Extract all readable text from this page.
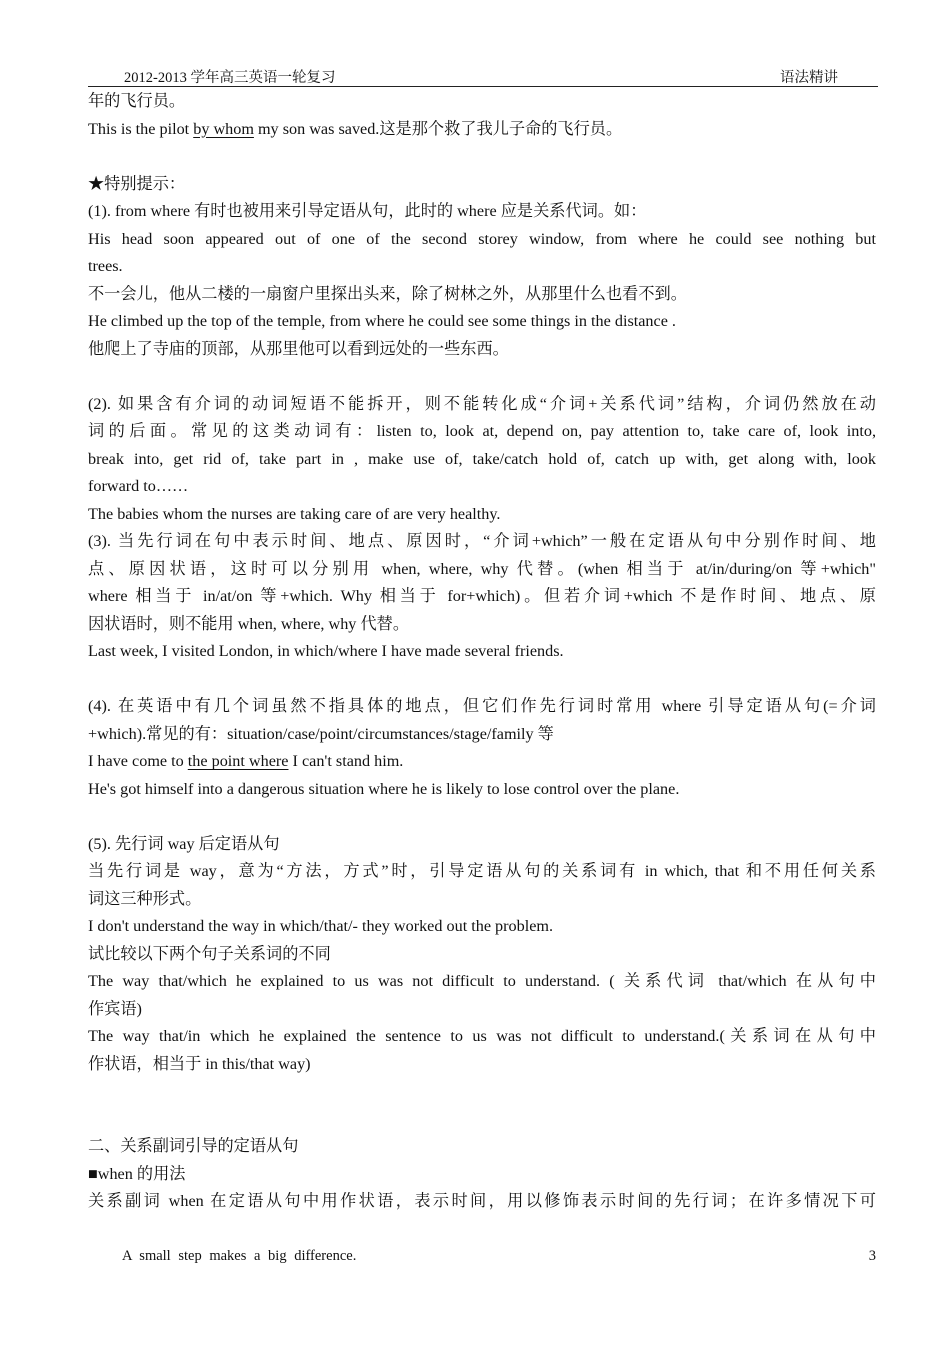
2012-2013 学年高三英语一轮复习	语法精讲
年的飞行员。
This is the pilot by whom my son was saved.这是那个救了我儿子命的飞行员。
★特别提示：
(1). from where 有时也被用来引导定语从句，此时的 where 应是关系代词。如：
His head soon appeared out of one of the second storey window, from where he could see nothing but
trees.
不一会儿，他从二楼的一扇窗户里探出头来，除了树林之外，从那里什么也看不到。
He climbed up the top of the temple, from where he could see some things in the distance .
他爬上了寺庙的顶部，从那里他可以看到远处的一些东西。
(2). 如果含有介词的动词短语不能拆开，则不能转化成“介词+关系代词”结构，介词仍然放在动
词的后面。常见的这类动词有：listen to, look at, depend on, pay attention to, take care of, look into,
break into, get rid of, take part in , make use of, take/catch hold of, catch up with, get along with, look
forward to……
The babies whom the nurses are taking care of are very healthy.
(3). 当先行词在句中表示时间、地点、原因时，“介词+which”一般在定语从句中分别作时间、地
点、原因状语，这时可以分别用 when, where, why 代替。(when 相当于 at/in/during/on 等+which"
where 相当于 in/at/on 等+which. Why 相当于 for+which)。但若介词+which 不是作时间、地点、原
因状语时，则不能用 when, where, why 代替。
Last week, I visited London, in which/where I have made several friends.
(4). 在英语中有几个词虽然不指具体的地点，但它们作先行词时常用 where 引导定语从句(=介词
+which).常见的有：situation/case/point/circumstances/stage/family 等
I have come to the point where I can't stand him.
He's got himself into a dangerous situation where he is likely to lose control over the plane.
(5). 先行词 way 后定语从句
当先行词是 way，意为“方法，方式”时，引导定语从句的关系词有 in which, that 和不用任何关系
词这三种形式。
I don't understand the way in which/that/- they worked out the problem.
试比较以下两个句子关系词的不同
The way that/which he explained to us was not difficult to understand. ( 关系代词 that/which 在从句中
作宾语)
The way that/in which he explained the sentence to us was not difficult to understand.(关系词在从句中
作状语，相当于 in this/that way)
二、关系副词引导的定语从句
■when 的用法
关系副词 when 在定语从句中用作状语，表示时间，用以修饰表示时间的先行词；在许多情况下可
A small step makes a big difference.	3
